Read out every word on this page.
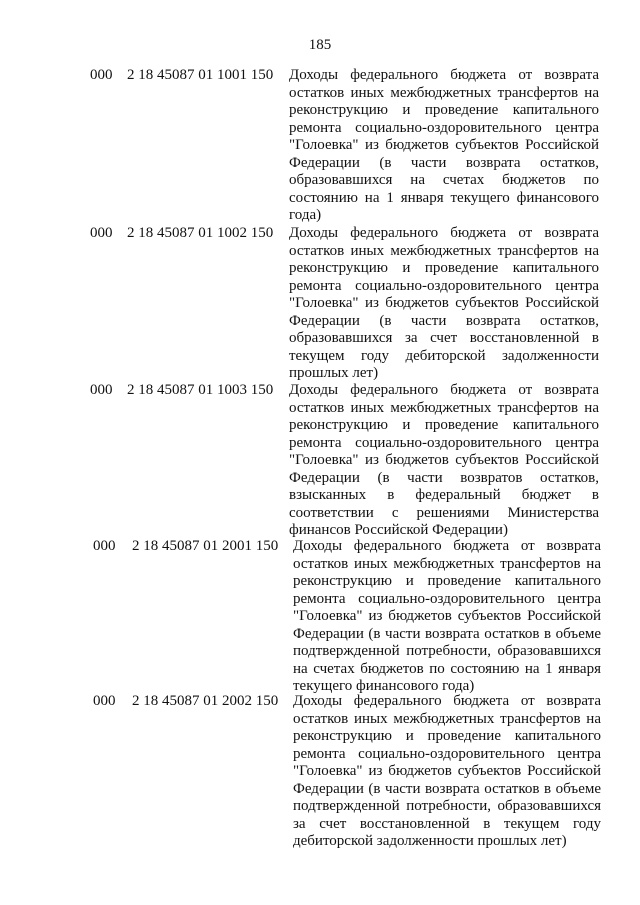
185
000 2 18 45087 01 1001 150 Доходы федерального бюджета от возврата остатков иных межбюджетных трансфертов на реконструкцию и проведение капитального ремонта социально-оздоровительного центра "Голоевка" из бюджетов субъектов Российской Федерации (в части возврата остатков, образовавшихся на счетах бюджетов по состоянию на 1 января текущего финансового года)
000 2 18 45087 01 1002 150 Доходы федерального бюджета от возврата остатков иных межбюджетных трансфертов на реконструкцию и проведение капитального ремонта социально-оздоровительного центра "Голоевка" из бюджетов субъектов Российской Федерации (в части возврата остатков, образовавшихся за счет восстановленной в текущем году дебиторской задолженности прошлых лет)
000 2 18 45087 01 1003 150 Доходы федерального бюджета от возврата остатков иных межбюджетных трансфертов на реконструкцию и проведение капитального ремонта социально-оздоровительного центра "Голоевка" из бюджетов субъектов Российской Федерации (в части возвратов остатков, взысканных в федеральный бюджет в соответствии с решениями Министерства финансов Российской Федерации)
000 2 18 45087 01 2001 150 Доходы федерального бюджета от возврата остатков иных межбюджетных трансфертов на реконструкцию и проведение капитального ремонта социально-оздоровительного центра "Голоевка" из бюджетов субъектов Российской Федерации (в части возврата остатков в объеме подтвержденной потребности, образовавшихся на счетах бюджетов по состоянию на 1 января текущего финансового года)
000 2 18 45087 01 2002 150 Доходы федерального бюджета от возврата остатков иных межбюджетных трансфертов на реконструкцию и проведение капитального ремонта социально-оздоровительного центра "Голоевка" из бюджетов субъектов Российской Федерации (в части возврата остатков в объеме подтвержденной потребности, образовавшихся за счет восстановленной в текущем году дебиторской задолженности прошлых лет)
